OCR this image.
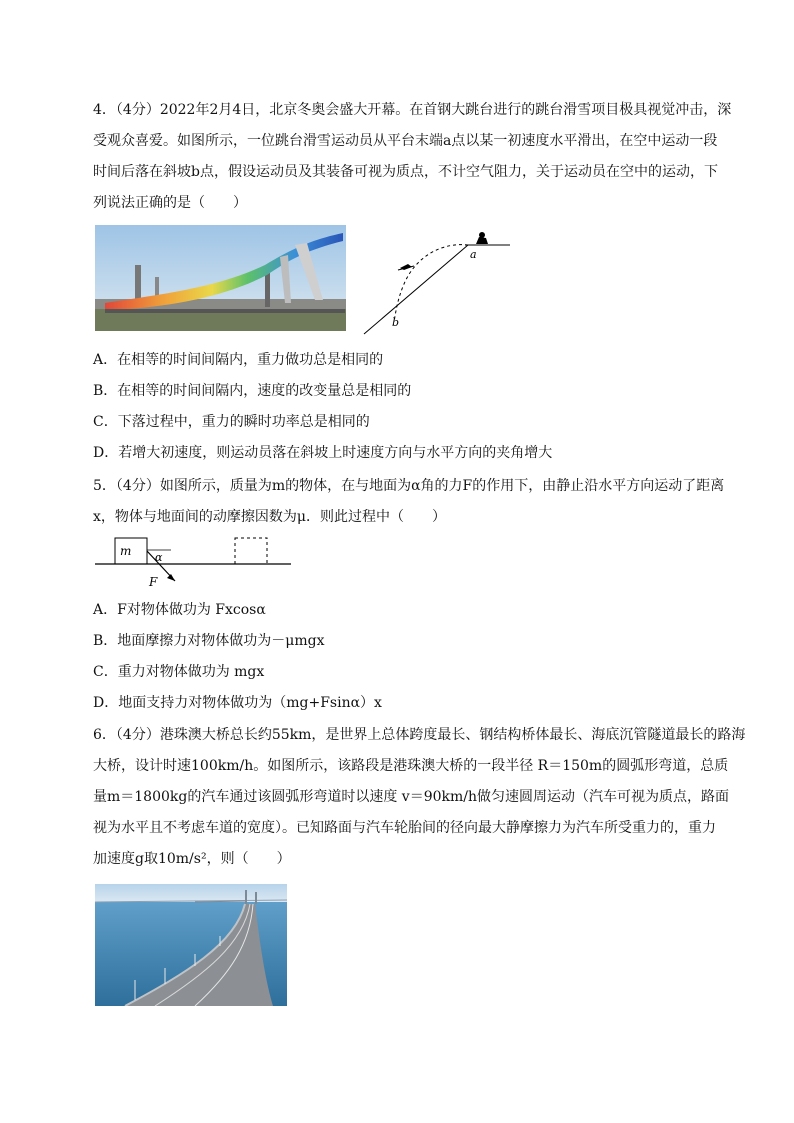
4．（4分）2022年2月4日，北京冬奥会盛大开幕。在首钢大跳台进行的跳台滑雪项目极具视觉冲击，深
受观众喜爱。如图所示，一位跳台滑雪运动员从平台末端a点以某一初速度水平滑出，在空中运动一段
时间后落在斜坡b点，假设运动员及其装备可视为质点，不计空气阻力，关于运动员在空中的运动，下
列说法正确的是（　　）
a
b
A．在相等的时间间隔内，重力做功总是相同的
B．在相等的时间间隔内，速度的改变量总是相同的
C．下落过程中，重力的瞬时功率总是相同的
D．若增大初速度，则运动员落在斜坡上时速度方向与水平方向的夹角增大
5．（4分）如图所示，质量为m的物体，在与地面为α角的力F的作用下，由静止沿水平方向运动了距离
x，物体与地面间的动摩擦因数为μ．则此过程中（　　）
m α
F
A．F对物体做功为 Fxcosα
B．地面摩擦力对物体做功为－μmgx
C．重力对物体做功为 mgx
D．地面支持力对物体做功为（mg+Fsinα）x
6．（4分）港珠澳大桥总长约55km，是世界上总体跨度最长、钢结构桥体最长、海底沉管隧道最长的路海
大桥，设计时速100km/h。如图所示，该路段是港珠澳大桥的一段半径 R＝150m的圆弧形弯道，总质
量m＝1800kg的汽车通过该圆弧形弯道时以速度 v＝90km/h做匀速圆周运动（汽车可视为质点，路面
视为水平且不考虑车道的宽度）。已知路面与汽车轮胎间的径向最大静摩擦力为汽车所受重力的，重力
加速度g取10m/s²，则（　　）
